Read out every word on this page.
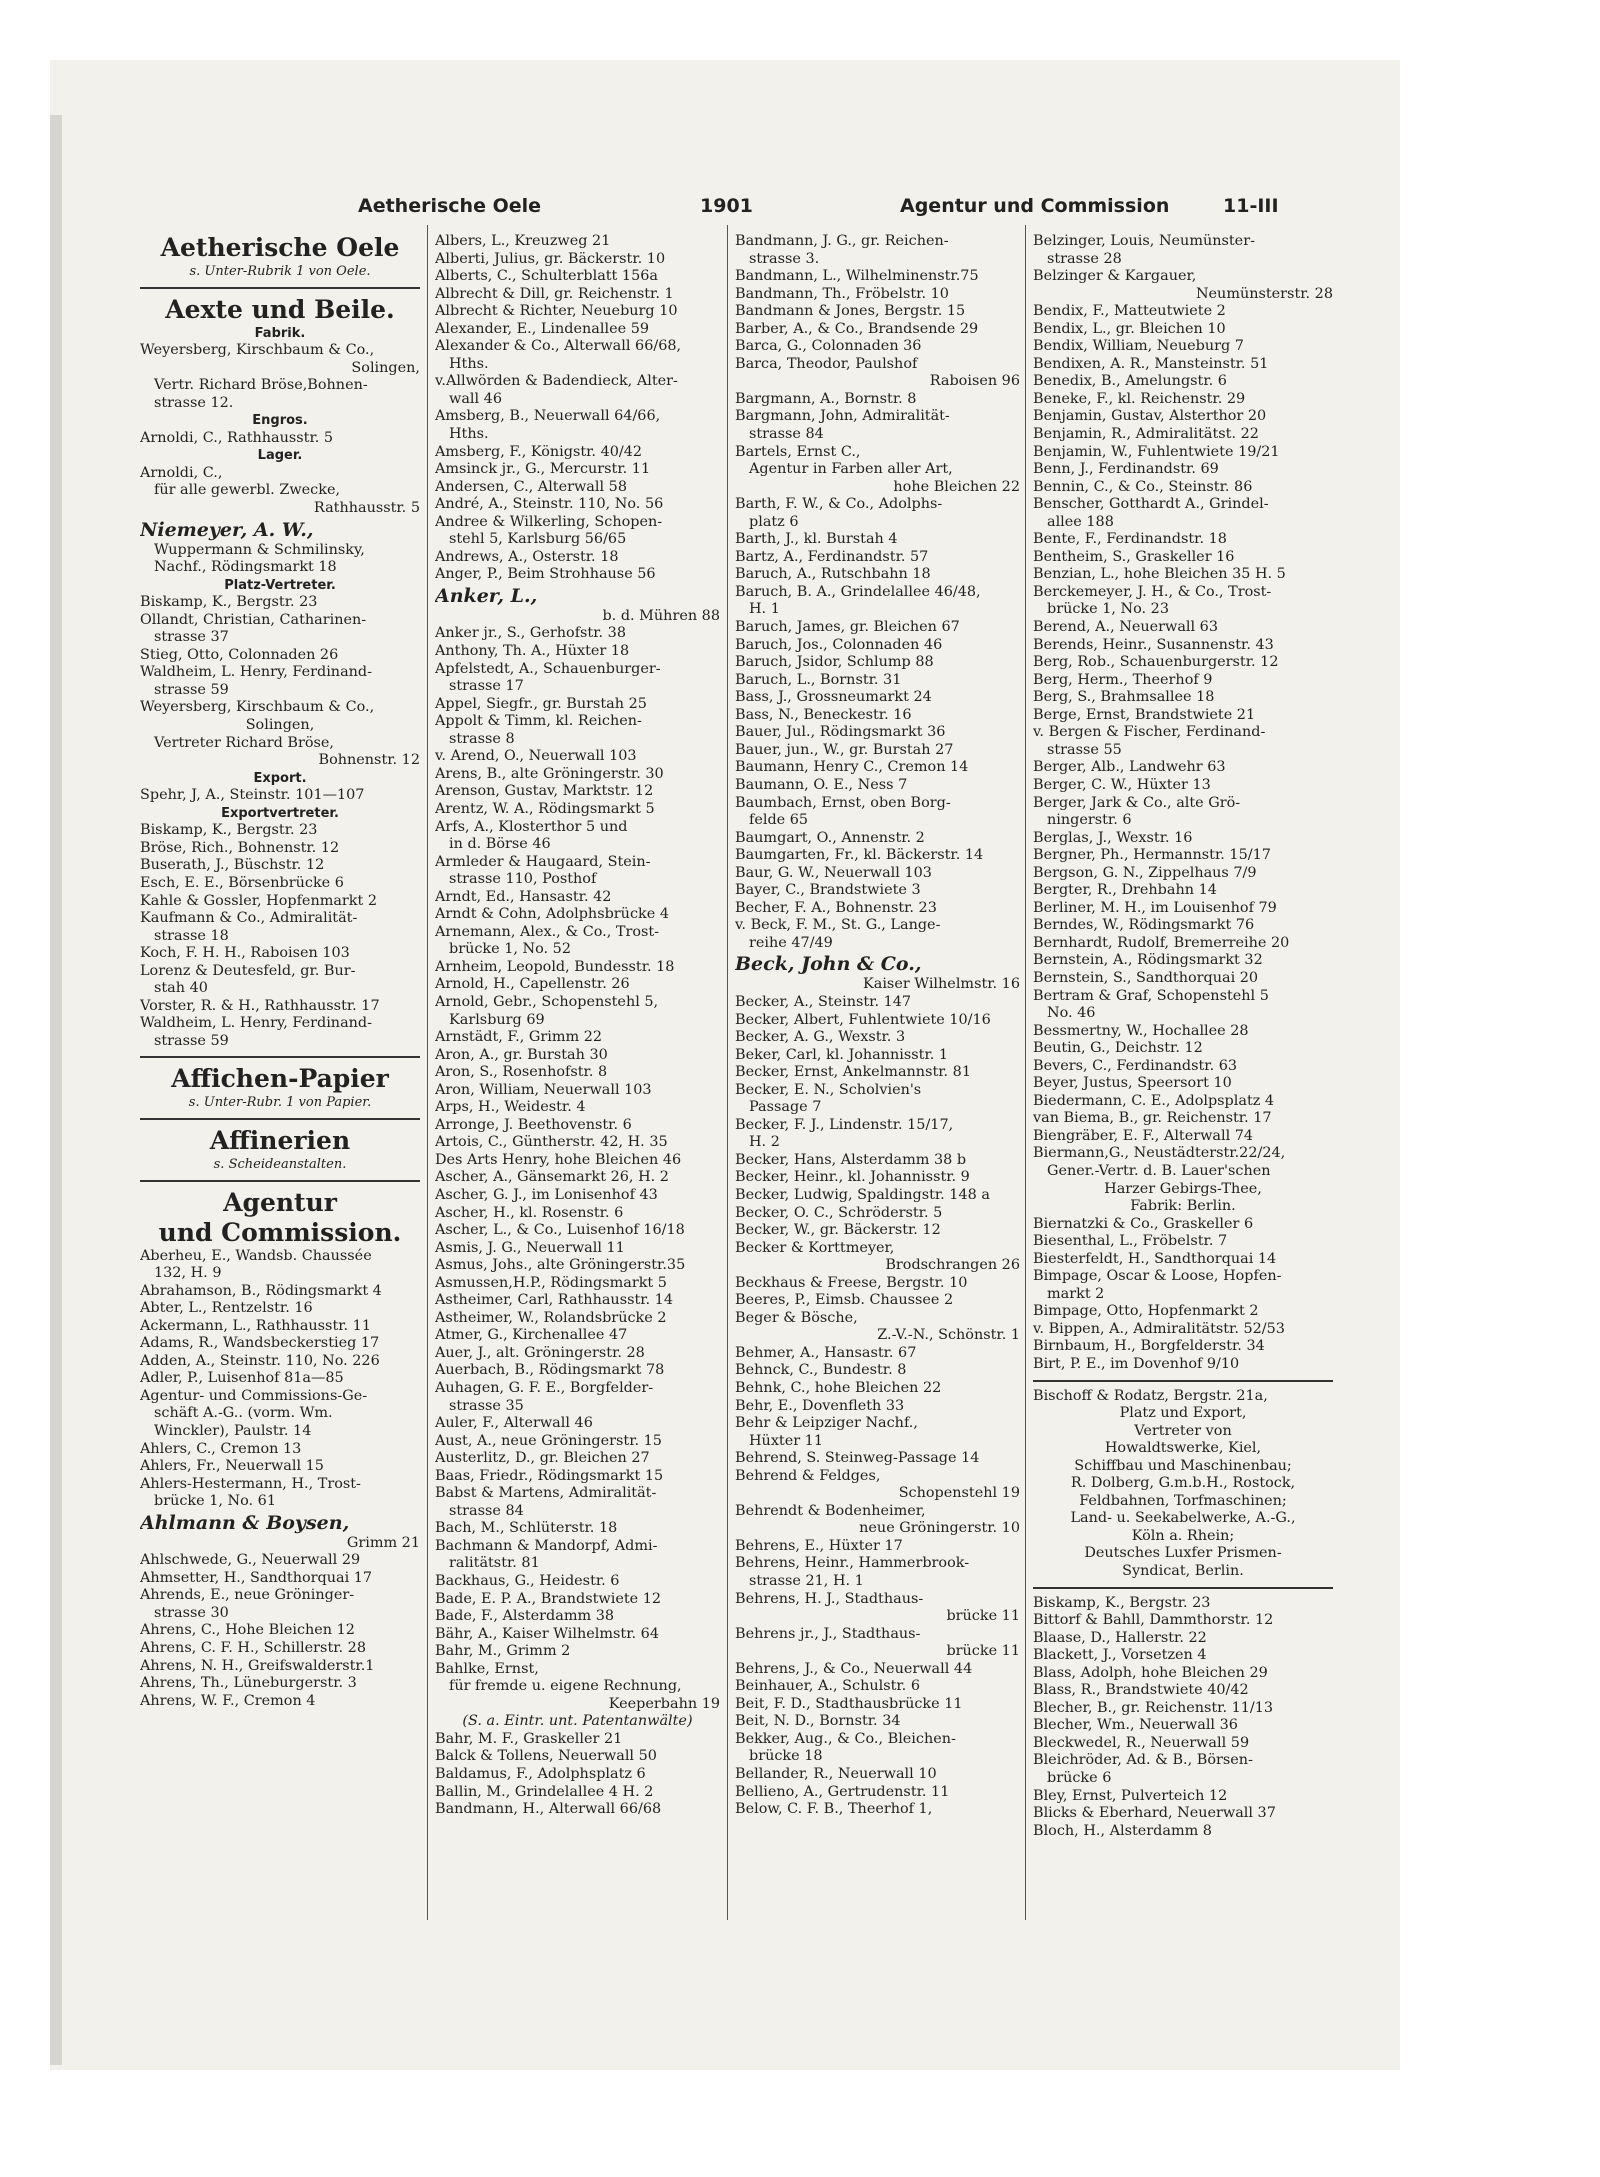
Aetherische Oele	1901	Agentur und Commission	11-III
Aetherische Oele
s. Unter-Rubrik 1 von Oele.
Aexte und Beile.
Fabrik.
Weyersberg, Kirschbaum & Co.,
Solingen,
Vertr. Richard Bröse,Bohnen-
strasse 12.
Engros.
Arnoldi, C., Rathhausstr. 5
Lager.
Arnoldi, C.,
für alle gewerbl. Zwecke,
Rathhausstr. 5
Niemeyer, A. W.,
Wuppermann & Schmilinsky,
Nachf., Rödingsmarkt 18
Platz-Vertreter.
Biskamp, K., Bergstr. 23
Ollandt, Christian, Catharinen-
strasse 37
Stieg, Otto, Colonnaden 26
Waldheim, L. Henry, Ferdinand-
strasse 59
Weyersberg, Kirschbaum & Co.,
Solingen,
Vertreter Richard Bröse,
Bohnenstr. 12
Export.
Spehr, J, A., Steinstr. 101—107
Exportvertreter.
Biskamp, K., Bergstr. 23
Bröse, Rich., Bohnenstr. 12
Buserath, J., Büschstr. 12
Esch, E. E., Börsenbrücke 6
Kahle & Gossler, Hopfenmarkt 2
Kaufmann & Co., Admiralität-
strasse 18
Koch, F. H. H., Raboisen 103
Lorenz & Deutesfeld, gr. Bur-
stah 40
Vorster, R. & H., Rathhausstr. 17
Waldheim, L. Henry, Ferdinand-
strasse 59
Affichen-Papier
s. Unter-Rubr. 1 von Papier.
Affinerien
s. Scheideanstalten.
Agentur
und Commission.
Aberheu, E., Wandsb. Chaussée
132, H. 9
Abrahamson, B., Rödingsmarkt 4
Abter, L., Rentzelstr. 16
Ackermann, L., Rathhausstr. 11
Adams, R., Wandsbeckerstieg 17
Adden, A., Steinstr. 110, No. 226
Adler, P., Luisenhof 81a—85
Agentur- und Commissions-Ge-
schäft A.-G.. (vorm. Wm.
Winckler), Paulstr. 14
Ahlers, C., Cremon 13
Ahlers, Fr., Neuerwall 15
Ahlers-Hestermann, H., Trost-
brücke 1, No. 61
Ahlmann & Boysen,
Grimm 21
Ahlschwede, G., Neuerwall 29
Ahmsetter, H., Sandthorquai 17
Ahrends, E., neue Gröninger-
strasse 30
Ahrens, C., Hohe Bleichen 12
Ahrens, C. F. H., Schillerstr. 28
Ahrens, N. H., Greifswalderstr.1
Ahrens, Th., Lüneburgerstr. 3
Ahrens, W. F., Cremon 4
Albers, L., Kreuzweg 21
Alberti, Julius, gr. Bäckerstr. 10
Alberts, C., Schulterblatt 156a
Albrecht & Dill, gr. Reichenstr. 1
Albrecht & Richter, Neueburg 10
Alexander, E., Lindenallee 59
Alexander & Co., Alterwall 66/68,
Hths.
v.Allwörden & Badendieck, Alter-
wall 46
Amsberg, B., Neuerwall 64/66,
Hths.
Amsberg, F., Königstr. 40/42
Amsinck jr., G., Mercurstr. 11
Andersen, C., Alterwall 58
André, A., Steinstr. 110, No. 56
Andree & Wilkerling, Schopen-
stehl 5, Karlsburg 56/65
Andrews, A., Osterstr. 18
Anger, P., Beim Strohhause 56
Anker, L.,
b. d. Mühren 88
Anker jr., S., Gerhofstr. 38
Anthony, Th. A., Hüxter 18
Apfelstedt, A., Schauenburger-
strasse 17
Appel, Siegfr., gr. Burstah 25
Appolt & Timm, kl. Reichen-
strasse 8
v. Arend, O., Neuerwall 103
Arens, B., alte Gröningerstr. 30
Arenson, Gustav, Marktstr. 12
Arentz, W. A., Rödingsmarkt 5
Arfs, A., Klosterthor 5 und
in d. Börse 46
Armleder & Haugaard, Stein-
strasse 110, Posthof
Arndt, Ed., Hansastr. 42
Arndt & Cohn, Adolphsbrücke 4
Arnemann, Alex., & Co., Trost-
brücke 1, No. 52
Arnheim, Leopold, Bundesstr. 18
Arnold, H., Capellenstr. 26
Arnold, Gebr., Schopenstehl 5,
Karlsburg 69
Arnstädt, F., Grimm 22
Aron, A., gr. Burstah 30
Aron, S., Rosenhofstr. 8
Aron, William, Neuerwall 103
Arps, H., Weidestr. 4
Arronge, J. Beethovenstr. 6
Artois, C., Güntherstr. 42, H. 35
Des Arts Henry, hohe Bleichen 46
Ascher, A., Gänsemarkt 26, H. 2
Ascher, G. J., im Lonisenhof 43
Ascher, H., kl. Rosenstr. 6
Ascher, L., & Co., Luisenhof 16/18
Asmis, J. G., Neuerwall 11
Asmus, Johs., alte Gröningerstr.35
Asmussen,H.P., Rödingsmarkt 5
Astheimer, Carl, Rathhausstr. 14
Astheimer, W., Rolandsbrücke 2
Atmer, G., Kirchenallee 47
Auer, J., alt. Gröningerstr. 28
Auerbach, B., Rödingsmarkt 78
Auhagen, G. F. E., Borgfelder-
strasse 35
Auler, F., Alterwall 46
Aust, A., neue Gröningerstr. 15
Austerlitz, D., gr. Bleichen 27
Baas, Friedr., Rödingsmarkt 15
Babst & Martens, Admiralität-
strasse 84
Bach, M., Schlüterstr. 18
Bachmann & Mandorpf, Admi-
ralitätstr. 81
Backhaus, G., Heidestr. 6
Bade, E. P. A., Brandstwiete 12
Bade, F., Alsterdamm 38
Bähr, A., Kaiser Wilhelmstr. 64
Bahr, M., Grimm 2
Bahlke, Ernst,
für fremde u. eigene Rechnung,
Keeperbahn 19
(S. a. Eintr. unt. Patentanwälte)
Bahr, M. F., Graskeller 21
Balck & Tollens, Neuerwall 50
Baldamus, F., Adolphsplatz 6
Ballin, M., Grindelallee 4 H. 2
Bandmann, H., Alterwall 66/68
Bandmann, J. G., gr. Reichen-
strasse 3.
Bandmann, L., Wilhelminenstr.75
Bandmann, Th., Fröbelstr. 10
Bandmann & Jones, Bergstr. 15
Barber, A., & Co., Brandsende 29
Barca, G., Colonnaden 36
Barca, Theodor, Paulshof
Raboisen 96
Bargmann, A., Bornstr. 8
Bargmann, John, Admiralität-
strasse 84
Bartels, Ernst C.,
Agentur in Farben aller Art,
hohe Bleichen 22
Barth, F. W., & Co., Adolphs-
platz 6
Barth, J., kl. Burstah 4
Bartz, A., Ferdinandstr. 57
Baruch, A., Rutschbahn 18
Baruch, B. A., Grindelallee 46/48,
H. 1
Baruch, James, gr. Bleichen 67
Baruch, Jos., Colonnaden 46
Baruch, Jsidor, Schlump 88
Baruch, L., Bornstr. 31
Bass, J., Grossneumarkt 24
Bass, N., Beneckestr. 16
Bauer, Jul., Rödingsmarkt 36
Bauer, jun., W., gr. Burstah 27
Baumann, Henry C., Cremon 14
Baumann, O. E., Ness 7
Baumbach, Ernst, oben Borg-
felde 65
Baumgart, O., Annenstr. 2
Baumgarten, Fr., kl. Bäckerstr. 14
Baur, G. W., Neuerwall 103
Bayer, C., Brandstwiete 3
Becher, F. A., Bohnenstr. 23
v. Beck, F. M., St. G., Lange-
reihe 47/49
Beck, John & Co.,
Kaiser Wilhelmstr. 16
Becker, A., Steinstr. 147
Becker, Albert, Fuhlentwiete 10/16
Becker, A. G., Wexstr. 3
Beker, Carl, kl. Johannisstr. 1
Becker, Ernst, Ankelmannstr. 81
Becker, E. N., Scholvien's
Passage 7
Becker, F. J., Lindenstr. 15/17,
H. 2
Becker, Hans, Alsterdamm 38 b
Becker, Heinr., kl. Johannisstr. 9
Becker, Ludwig, Spaldingstr. 148 a
Becker, O. C., Schröderstr. 5
Becker, W., gr. Bäckerstr. 12
Becker & Korttmeyer,
Brodschrangen 26
Beckhaus & Freese, Bergstr. 10
Beeres, P., Eimsb. Chaussee 2
Beger & Bösche,
Z.-V.-N., Schönstr. 1
Behmer, A., Hansastr. 67
Behnck, C., Bundestr. 8
Behnk, C., hohe Bleichen 22
Behr, E., Dovenfleth 33
Behr & Leipziger Nachf.,
Hüxter 11
Behrend, S. Steinweg-Passage 14
Behrend & Feldges,
Schopenstehl 19
Behrendt & Bodenheimer,
neue Gröningerstr. 10
Behrens, E., Hüxter 17
Behrens, Heinr., Hammerbrook-
strasse 21, H. 1
Behrens, H. J., Stadthaus-
brücke 11
Behrens jr., J., Stadthaus-
brücke 11
Behrens, J., & Co., Neuerwall 44
Beinhauer, A., Schulstr. 6
Beit, F. D., Stadthausbrücke 11
Beit, N. D., Bornstr. 34
Bekker, Aug., & Co., Bleichen-
brücke 18
Bellander, R., Neuerwall 10
Bellieno, A., Gertrudenstr. 11
Below, C. F. B., Theerhof 1,
Belzinger, Louis, Neumünster-
strasse 28
Belzinger & Kargauer,
Neumünsterstr. 28
Bendix, F., Matteutwiete 2
Bendix, L., gr. Bleichen 10
Bendix, William, Neueburg 7
Bendixen, A. R., Mansteinstr. 51
Benedix, B., Amelungstr. 6
Beneke, F., kl. Reichenstr. 29
Benjamin, Gustav, Alsterthor 20
Benjamin, R., Admiralitätst. 22
Benjamin, W., Fuhlentwiete 19/21
Benn, J., Ferdinandstr. 69
Bennin, C., & Co., Steinstr. 86
Benscher, Gotthardt A., Grindel-
allee 188
Bente, F., Ferdinandstr. 18
Bentheim, S., Graskeller 16
Benzian, L., hohe Bleichen 35 H. 5
Berckemeyer, J. H., & Co., Trost-
brücke 1, No. 23
Berend, A., Neuerwall 63
Berends, Heinr., Susannenstr. 43
Berg, Rob., Schauenburgerstr. 12
Berg, Herm., Theerhof 9
Berg, S., Brahmsallee 18
Berge, Ernst, Brandstwiete 21
v. Bergen & Fischer, Ferdinand-
strasse 55
Berger, Alb., Landwehr 63
Berger, C. W., Hüxter 13
Berger, Jark & Co., alte Grö-
ningerstr. 6
Berglas, J., Wexstr. 16
Bergner, Ph., Hermannstr. 15/17
Bergson, G. N., Zippelhaus 7/9
Bergter, R., Drehbahn 14
Berliner, M. H., im Louisenhof 79
Berndes, W., Rödingsmarkt 76
Bernhardt, Rudolf, Bremerreihe 20
Bernstein, A., Rödingsmarkt 32
Bernstein, S., Sandthorquai 20
Bertram & Graf, Schopenstehl 5
No. 46
Bessmertny, W., Hochallee 28
Beutin, G., Deichstr. 12
Bevers, C., Ferdinandstr. 63
Beyer, Justus, Speersort 10
Biedermann, C. E., Adolpsplatz 4
van Biema, B., gr. Reichenstr. 17
Biengräber, E. F., Alterwall 74
Biermann,G., Neustädterstr.22/24,
Gener.-Vertr. d. B. Lauer'schen
Harzer Gebirgs-Thee,
Fabrik: Berlin.
Biernatzki & Co., Graskeller 6
Biesenthal, L., Fröbelstr. 7
Biesterfeldt, H., Sandthorquai 14
Bimpage, Oscar & Loose, Hopfen-
markt 2
Bimpage, Otto, Hopfenmarkt 2
v. Bippen, A., Admiralitätstr. 52/53
Birnbaum, H., Borgfelderstr. 34
Birt, P. E., im Dovenhof 9/10
Bischoff & Rodatz, Bergstr. 21a,
Platz und Export,
Vertreter von
Howaldtswerke, Kiel,
Schiffbau und Maschinenbau;
R. Dolberg, G.m.b.H., Rostock,
Feldbahnen, Torfmaschinen;
Land- u. Seekabelwerke, A.-G.,
Köln a. Rhein;
Deutsches Luxfer Prismen-
Syndicat, Berlin.
Biskamp, K., Bergstr. 23
Bittorf & Bahll, Dammthorstr. 12
Blaase, D., Hallerstr. 22
Blackett, J., Vorsetzen 4
Blass, Adolph, hohe Bleichen 29
Blass, R., Brandstwiete 40/42
Blecher, B., gr. Reichenstr. 11/13
Blecher, Wm., Neuerwall 36
Bleckwedel, R., Neuerwall 59
Bleichröder, Ad. & B., Börsen-
brücke 6
Bley, Ernst, Pulverteich 12
Blicks & Eberhard, Neuerwall 37
Bloch, H., Alsterdamm 8
